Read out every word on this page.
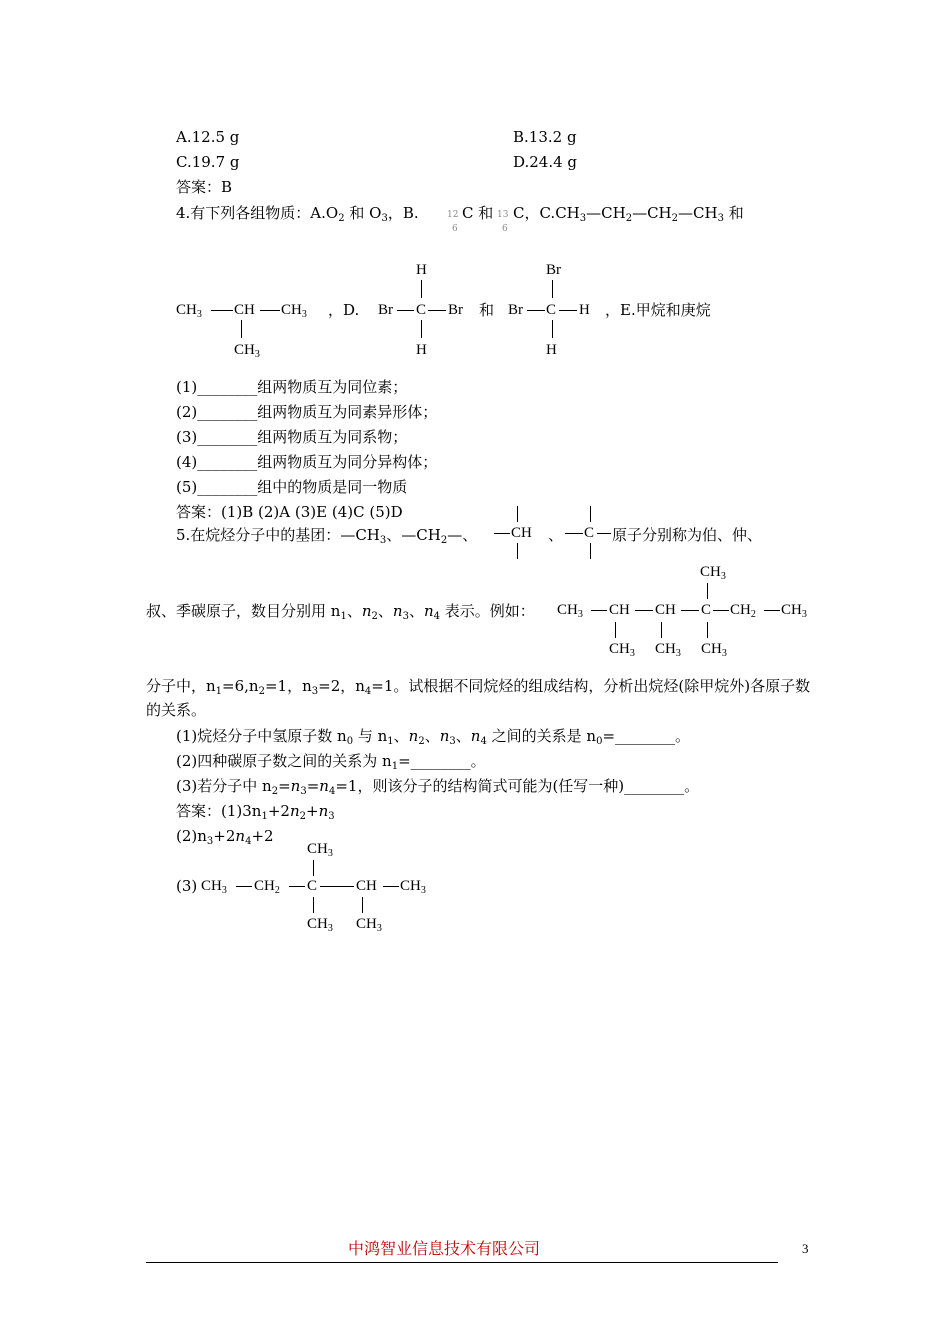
A.12.5 g	B.13.2 g
C.19.7 g	D.24.4 g
答案：B
4.有下列各组物质：$A.O_2$ 和 $O_3$，B.	12
6
C 和 13
6
C，$C.CH_3—CH_2—CH_2—CH_3$ 和
$CH_3$ CH $CH_3$
$CH_3$
，D.
H
Br C Br
H
和
Br
Br C H
H
，E.甲烷和庚烷
(1)________组两物质互为同位素；
(2)________组两物质互为同素异形体；
(3)________组两物质互为同系物；
(4)________组两物质互为同分异构体；
(5)________组中的物质是同一物质
答案：(1)B (2)A (3)E (4)C (5)D
5.在烷烃分子中的基团：$—CH_3$、$—CH_2—$、 CH 、 C 原子分别称为伯、仲、
叔、季碳原子，数目分别用 $n_1$、$n_2$、$n_3$、$n_4$ 表示。例如：
$CH_3$
$CH_3$ CH CH C $CH_2$ $CH_3$
$CH_3$ $CH_3$ $CH_3$
分子中，$n_1=6,n_2=1$，$n_3=2$，$n_4=1$。试根据不同烷烃的组成结构，分析出烷烃(除甲烷外)各原子数
的关系。
(1)烷烃分子中氢原子数 $n_0$ 与 $n_1$、$n_2$、$n_3$、$n_4$ 之间的关系是 $n_0=\_\_\_\_\_\_\_\_$。
(2)四种碳原子数之间的关系为 $n_1=\_\_\_\_\_\_\_\_$。
(3)若分子中 $n_2=n_3=n_4=1$，则该分子的结构简式可能为(任写一种)________。
答案：$(1)3n_1+2n_2+n_3$
$(2)n_3+2n_4+2$
(3)
$CH_3$
$CH_3$ $CH_2$ C	CH $CH_3$
$CH_3$ $CH_3$
中鸿智业信息技术有限公司	3
